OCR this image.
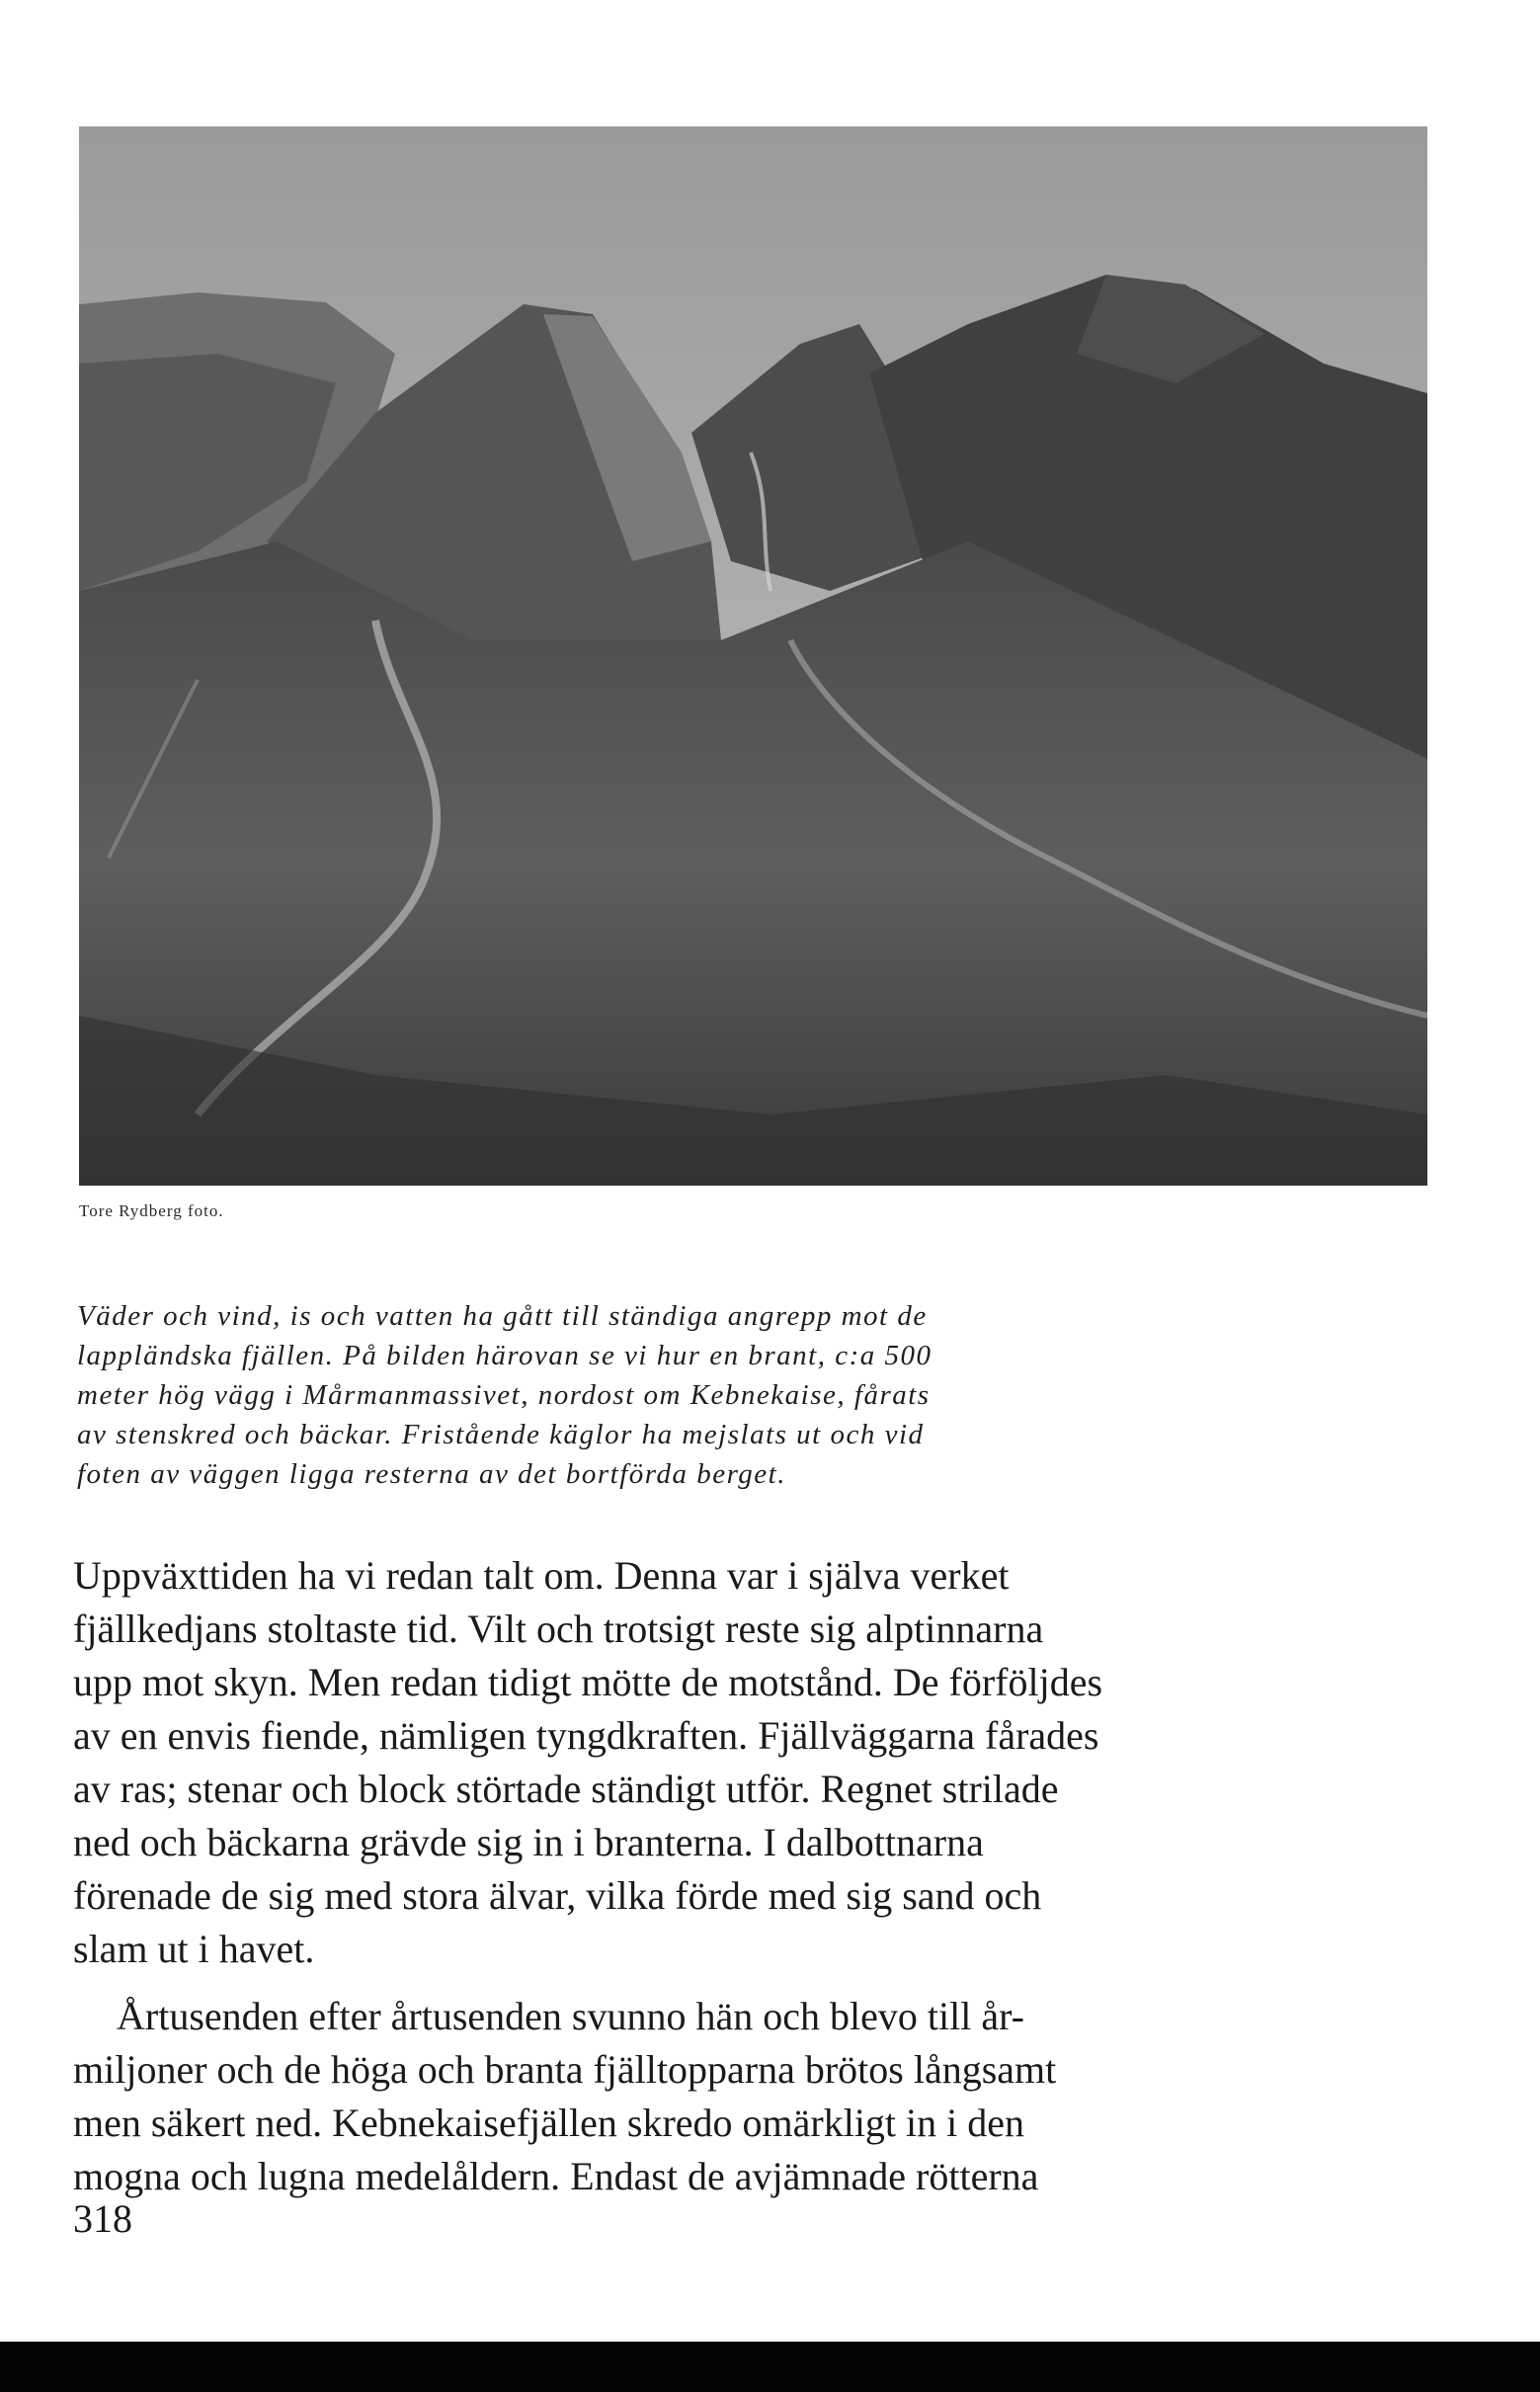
Tore Rydberg foto.
Väder och vind, is och vatten ha gått till ständiga angrepp mot de
lappländska fjällen. På bilden härovan se vi hur en brant, c:a 500
meter hög vägg i Mårmanmassivet, nordost om Kebnekaise, fårats
av stenskred och bäckar. Fristående käglor ha mejslats ut och vid
foten av väggen ligga resterna av det bortförda berget.
Uppväxttiden ha vi redan talt om. Denna var i själva verket
fjällkedjans stoltaste tid. Vilt och trotsigt reste sig alptinnarna
upp mot skyn. Men redan tidigt mötte de motstånd. De förföljdes
av en envis fiende, nämligen tyngdkraften. Fjällväggarna fårades
av ras; stenar och block störtade ständigt utför. Regnet strilade
ned och bäckarna grävde sig in i branterna. I dalbottnarna
förenade de sig med stora älvar, vilka förde med sig sand och
slam ut i havet.
Årtusenden efter årtusenden svunno hän och blevo till år-
miljoner och de höga och branta fjälltopparna brötos långsamt
men säkert ned. Kebnekaisefjällen skredo omärkligt in i den
mogna och lugna medelåldern. Endast de avjämnade rötterna
318
